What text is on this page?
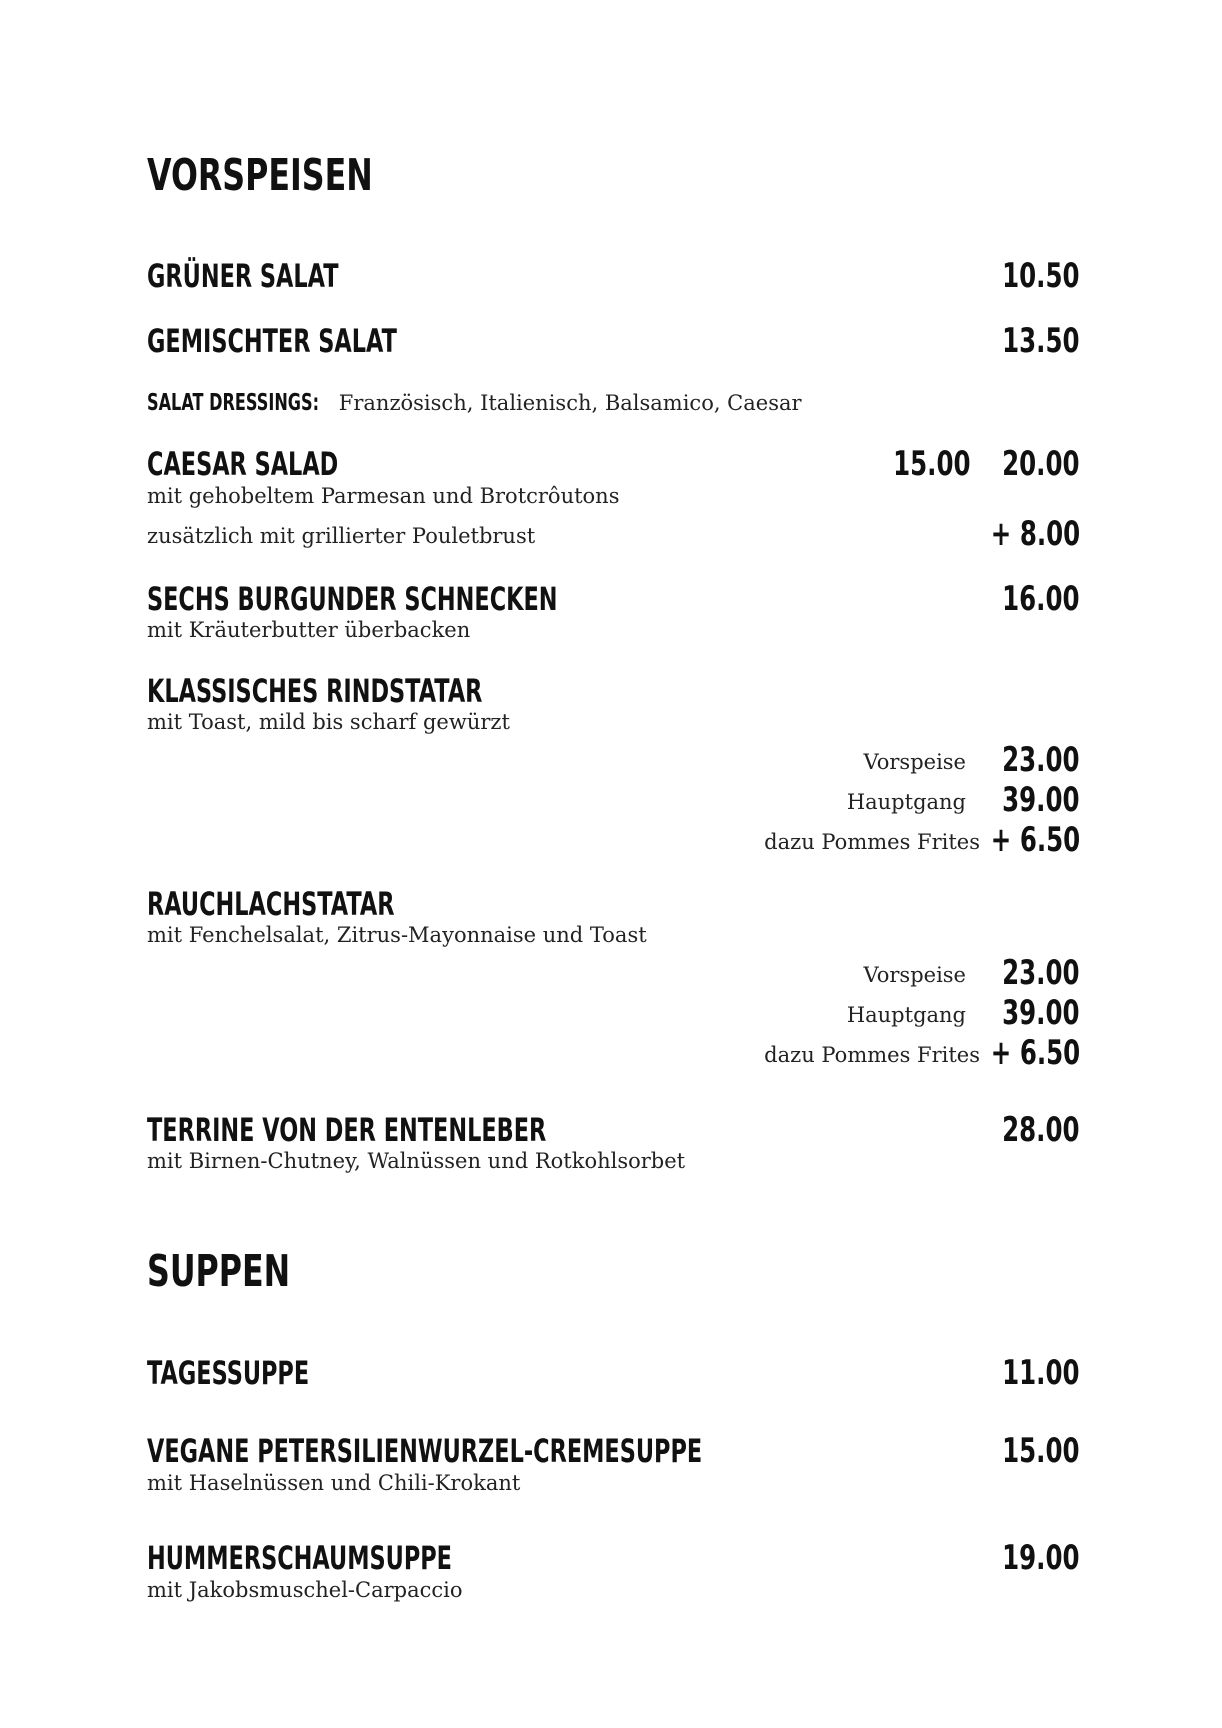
VORSPEISEN
GRÜNER SALAT	10.50
GEMISCHTER SALAT	13.50
SALAT DRESSINGS: Französisch, Italienisch, Balsamico, Caesar
CAESAR SALAD	15.00 20.00
mit gehobeltem Parmesan und Brotcrôutons
zusätzlich mit grillierter Pouletbrust	+ 8.00
SECHS BURGUNDER SCHNECKEN	16.00
mit Kräuterbutter überbacken
KLASSISCHES RINDSTATAR
mit Toast, mild bis scharf gewürzt
Vorspeise 23.00
Hauptgang 39.00
dazu Pommes Frites + 6.50
RAUCHLACHSTATAR
mit Fenchelsalat, Zitrus-Mayonnaise und Toast
Vorspeise 23.00
Hauptgang 39.00
dazu Pommes Frites + 6.50
TERRINE VON DER ENTENLEBER	28.00
mit Birnen-Chutney, Walnüssen und Rotkohlsorbet
SUPPEN
TAGESSUPPE	11.00
VEGANE PETERSILIENWURZEL-CREMESUPPE	15.00
mit Haselnüssen und Chili-Krokant
HUMMERSCHAUMSUPPE	19.00
mit Jakobsmuschel-Carpaccio
